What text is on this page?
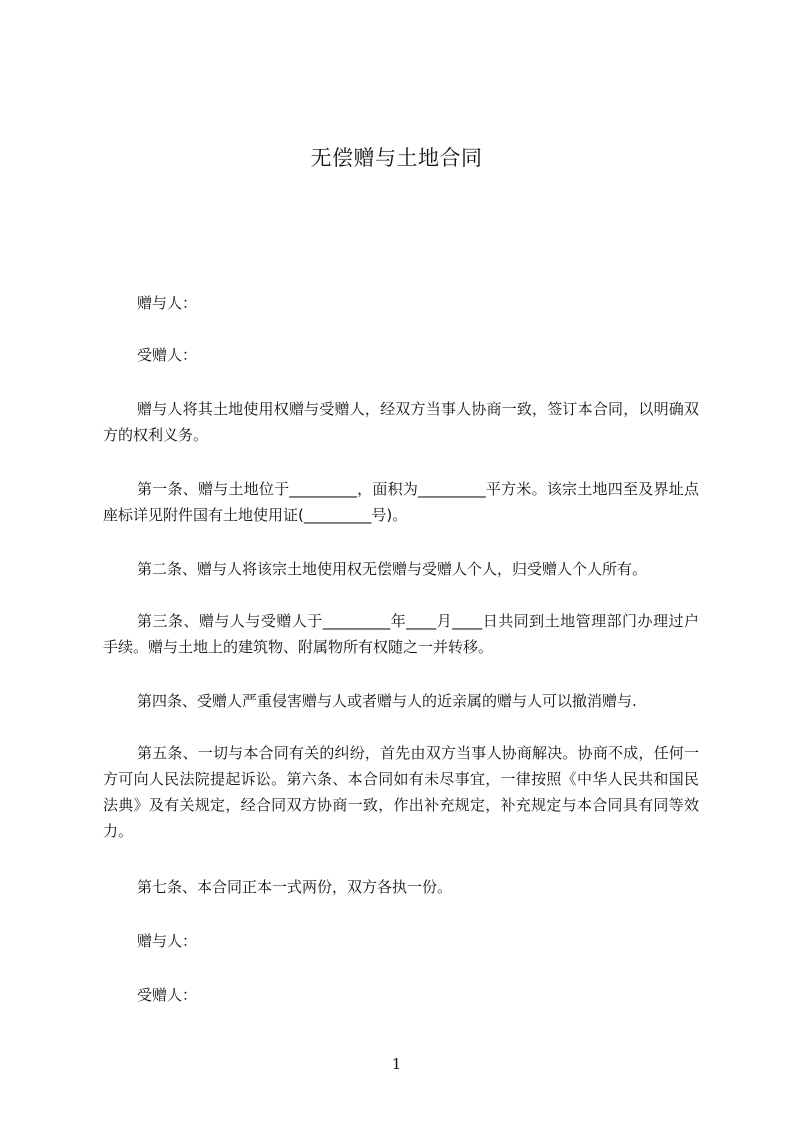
无偿赠与土地合同
赠与人：
受赠人：
赠与人将其土地使用权赠与受赠人，经双方当事人协商一致，签订本合同，以明确双方的权利义务。
第一条、赠与土地位于_________，面积为_________平方米。该宗土地四至及界址点座标详见附件国有土地使用证(_________号)。
第二条、赠与人将该宗土地使用权无偿赠与受赠人个人，归受赠人个人所有。
第三条、赠与人与受赠人于_________年____月____日共同到土地管理部门办理过户手续。赠与土地上的建筑物、附属物所有权随之一并转移。
第四条、受赠人严重侵害赠与人或者赠与人的近亲属的赠与人可以撤消赠与.
第五条、一切与本合同有关的纠纷，首先由双方当事人协商解决。协商不成，任何一方可向人民法院提起诉讼。第六条、本合同如有未尽事宜，一律按照《中华人民共和国民法典》及有关规定，经合同双方协商一致，作出补充规定，补充规定与本合同具有同等效力。
第七条、本合同正本一式两份，双方各执一份。
赠与人：
受赠人：
1
